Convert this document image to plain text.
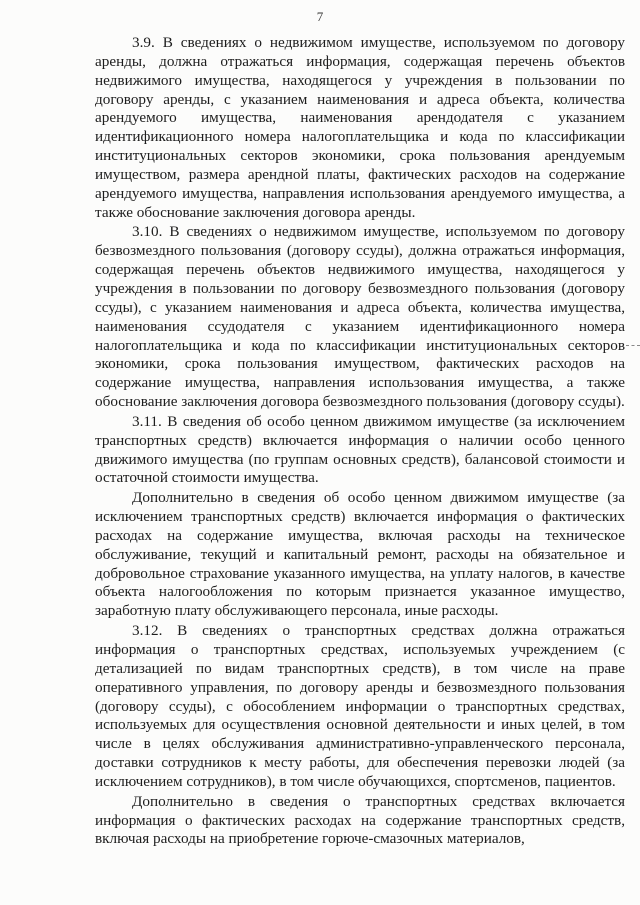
7

3.9. В сведениях о недвижимом имуществе, используемом по договору аренды, должна отражаться информация, содержащая перечень объектов недвижимого имущества, находящегося у учреждения в пользовании по договору аренды, с указанием наименования и адреса объекта, количества арендуемого имущества, наименования арендодателя с указанием идентификационного номера налогоплательщика и кода по классификации институциональных секторов экономики, срока пользования арендуемым имуществом, размера арендной платы, фактических расходов на содержание арендуемого имущества, направления использования арендуемого имущества, а также обоснование заключения договора аренды.

3.10. В сведениях о недвижимом имуществе, используемом по договору безвозмездного пользования (договору ссуды), должна отражаться информация, содержащая перечень объектов недвижимого имущества, находящегося у учреждения в пользовании по договору безвозмездного пользования (договору ссуды), с указанием наименования и адреса объекта, количества имущества, наименования ссудодателя с указанием идентификационного номера налогоплательщика и кода по классификации институциональных секторов экономики, срока пользования имуществом, фактических расходов на содержание имущества, направления использования имущества, а также обоснование заключения договора безвозмездного пользования (договору ссуды).

3.11. В сведения об особо ценном движимом имуществе (за исключением транспортных средств) включается информация о наличии особо ценного движимого имущества (по группам основных средств), балансовой стоимости и остаточной стоимости имущества.

Дополнительно в сведения об особо ценном движимом имуществе (за исключением транспортных средств) включается информация о фактических расходах на содержание имущества, включая расходы на техническое обслуживание, текущий и капитальный ремонт, расходы на обязательное и добровольное страхование указанного имущества, на уплату налогов, в качестве объекта налогообложения по которым признается указанное имущество, заработную плату обслуживающего персонала, иные расходы.

3.12. В сведениях о транспортных средствах должна отражаться информация о транспортных средствах, используемых учреждением (с детализацией по видам транспортных средств), в том числе на праве оперативного управления, по договору аренды и безвозмездного пользования (договору ссуды), с обособлением информации о транспортных средствах, используемых для осуществления основной деятельности и иных целей, в том числе в целях обслуживания административно-управленческого персонала, доставки сотрудников к месту работы, для обеспечения перевозки людей (за исключением сотрудников), в том числе обучающихся, спортсменов, пациентов.

Дополнительно в сведения о транспортных средствах включается информация о фактических расходах на содержание транспортных средств, включая расходы на приобретение горюче-смазочных материалов,
